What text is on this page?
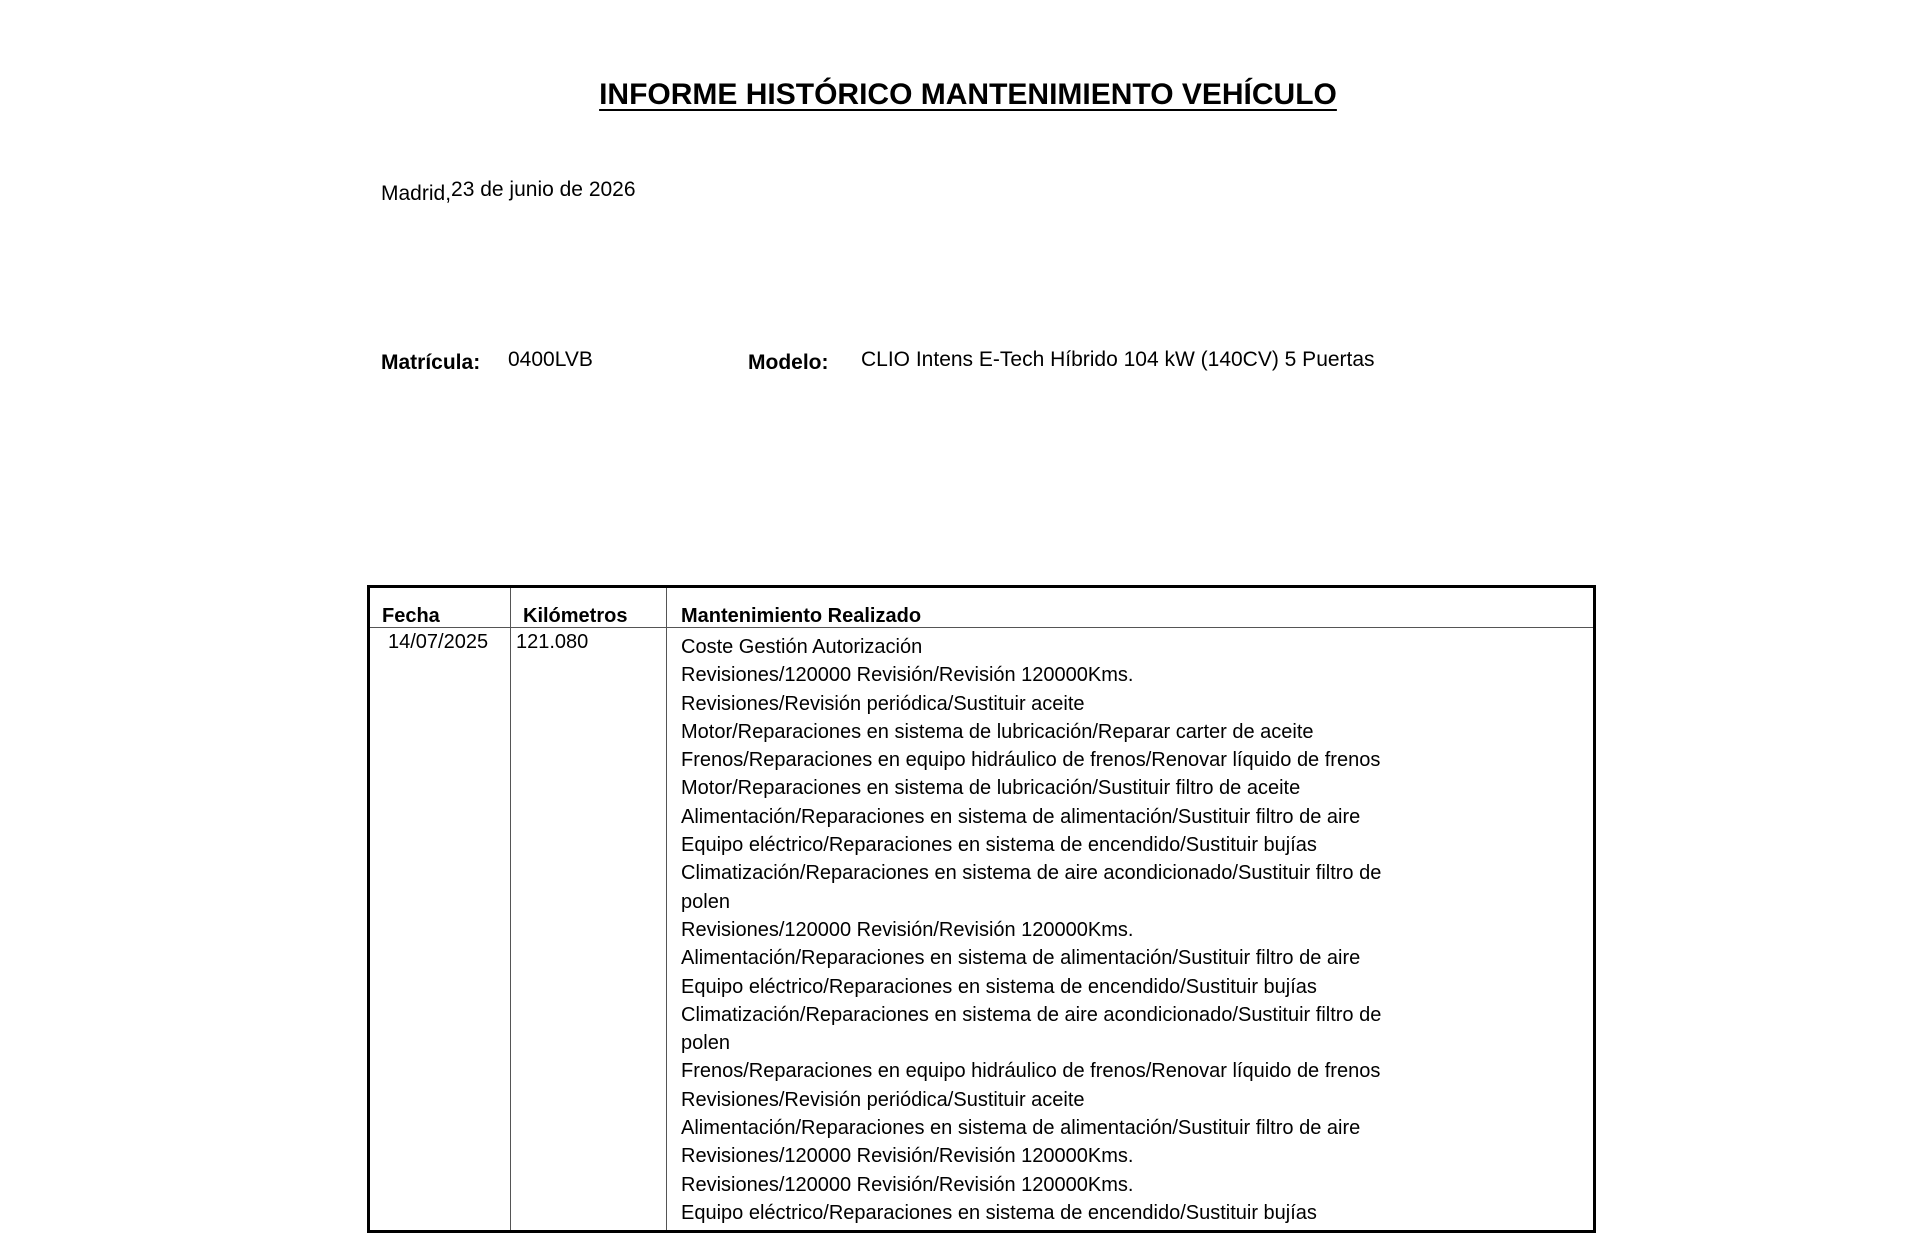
INFORME HISTÓRICO MANTENIMIENTO VEHÍCULO
Madrid,23 de junio de 2026
Matrícula: 0400LVB	Modelo: CLIO Intens E-Tech Híbrido 104 kW (140CV) 5 Puertas
Fecha	Kilómetros	Mantenimiento Realizado
14/07/2025 121.080	Coste Gestión Autorización
Revisiones/120000 Revisión/Revisión 120000Kms.
Revisiones/Revisión periódica/Sustituir aceite
Motor/Reparaciones en sistema de lubricación/Reparar carter de aceite
Frenos/Reparaciones en equipo hidráulico de frenos/Renovar líquido de frenos
Motor/Reparaciones en sistema de lubricación/Sustituir filtro de aceite
Alimentación/Reparaciones en sistema de alimentación/Sustituir filtro de aire
Equipo eléctrico/Reparaciones en sistema de encendido/Sustituir bujías
Climatización/Reparaciones en sistema de aire acondicionado/Sustituir filtro de polen
Revisiones/120000 Revisión/Revisión 120000Kms.
Alimentación/Reparaciones en sistema de alimentación/Sustituir filtro de aire
Equipo eléctrico/Reparaciones en sistema de encendido/Sustituir bujías
Climatización/Reparaciones en sistema de aire acondicionado/Sustituir filtro de polen
Frenos/Reparaciones en equipo hidráulico de frenos/Renovar líquido de frenos
Revisiones/Revisión periódica/Sustituir aceite
Alimentación/Reparaciones en sistema de alimentación/Sustituir filtro de aire
Revisiones/120000 Revisión/Revisión 120000Kms.
Revisiones/120000 Revisión/Revisión 120000Kms.
Equipo eléctrico/Reparaciones en sistema de encendido/Sustituir bujías
